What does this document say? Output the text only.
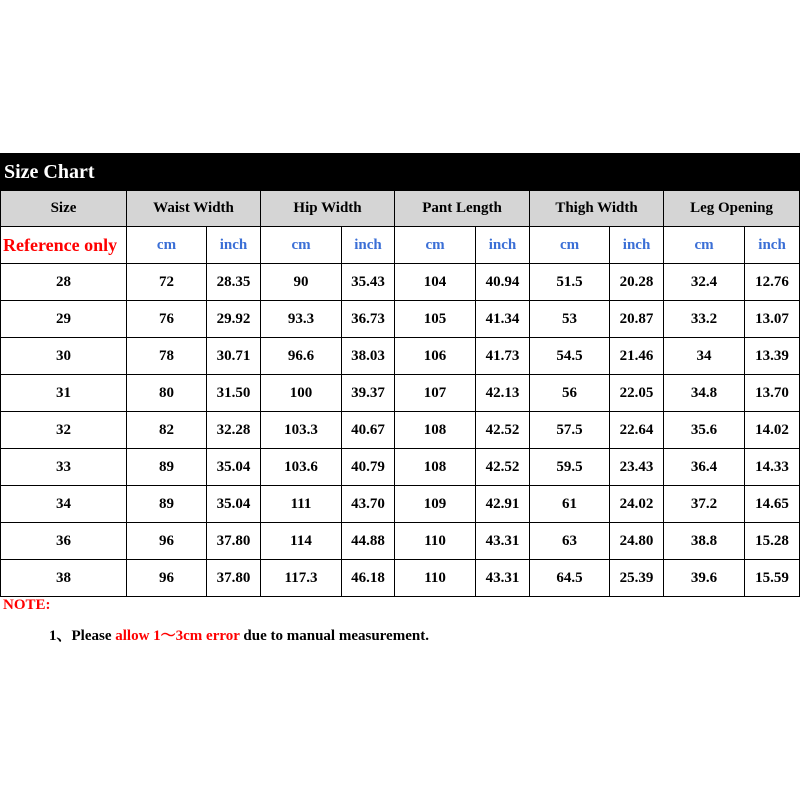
Size Chart
Size	Waist Width		Hip Width		Pant Length		Thigh Width		Leg Opening	
Reference only	cm	inch	cm	inch	cm	inch	cm	inch	cm	inch
28	72	28.35	90	35.43	104	40.94	51.5	20.28	32.4	12.76
29	76	29.92	93.3	36.73	105	41.34	53	20.87	33.2	13.07
30	78	30.71	96.6	38.03	106	41.73	54.5	21.46	34	13.39
31	80	31.50	100	39.37	107	42.13	56	22.05	34.8	13.70
32	82	32.28	103.3	40.67	108	42.52	57.5	22.64	35.6	14.02
33	89	35.04	103.6	40.79	108	42.52	59.5	23.43	36.4	14.33
34	89	35.04	111	43.70	109	42.91	61	24.02	37.2	14.65
36	96	37.80	114	44.88	110	43.31	63	24.80	38.8	15.28
38	96	37.80	117.3	46.18	110	43.31	64.5	25.39	39.6	15.59
NOTE:
1、Please allow 1～3cm error due to manual measurement.
